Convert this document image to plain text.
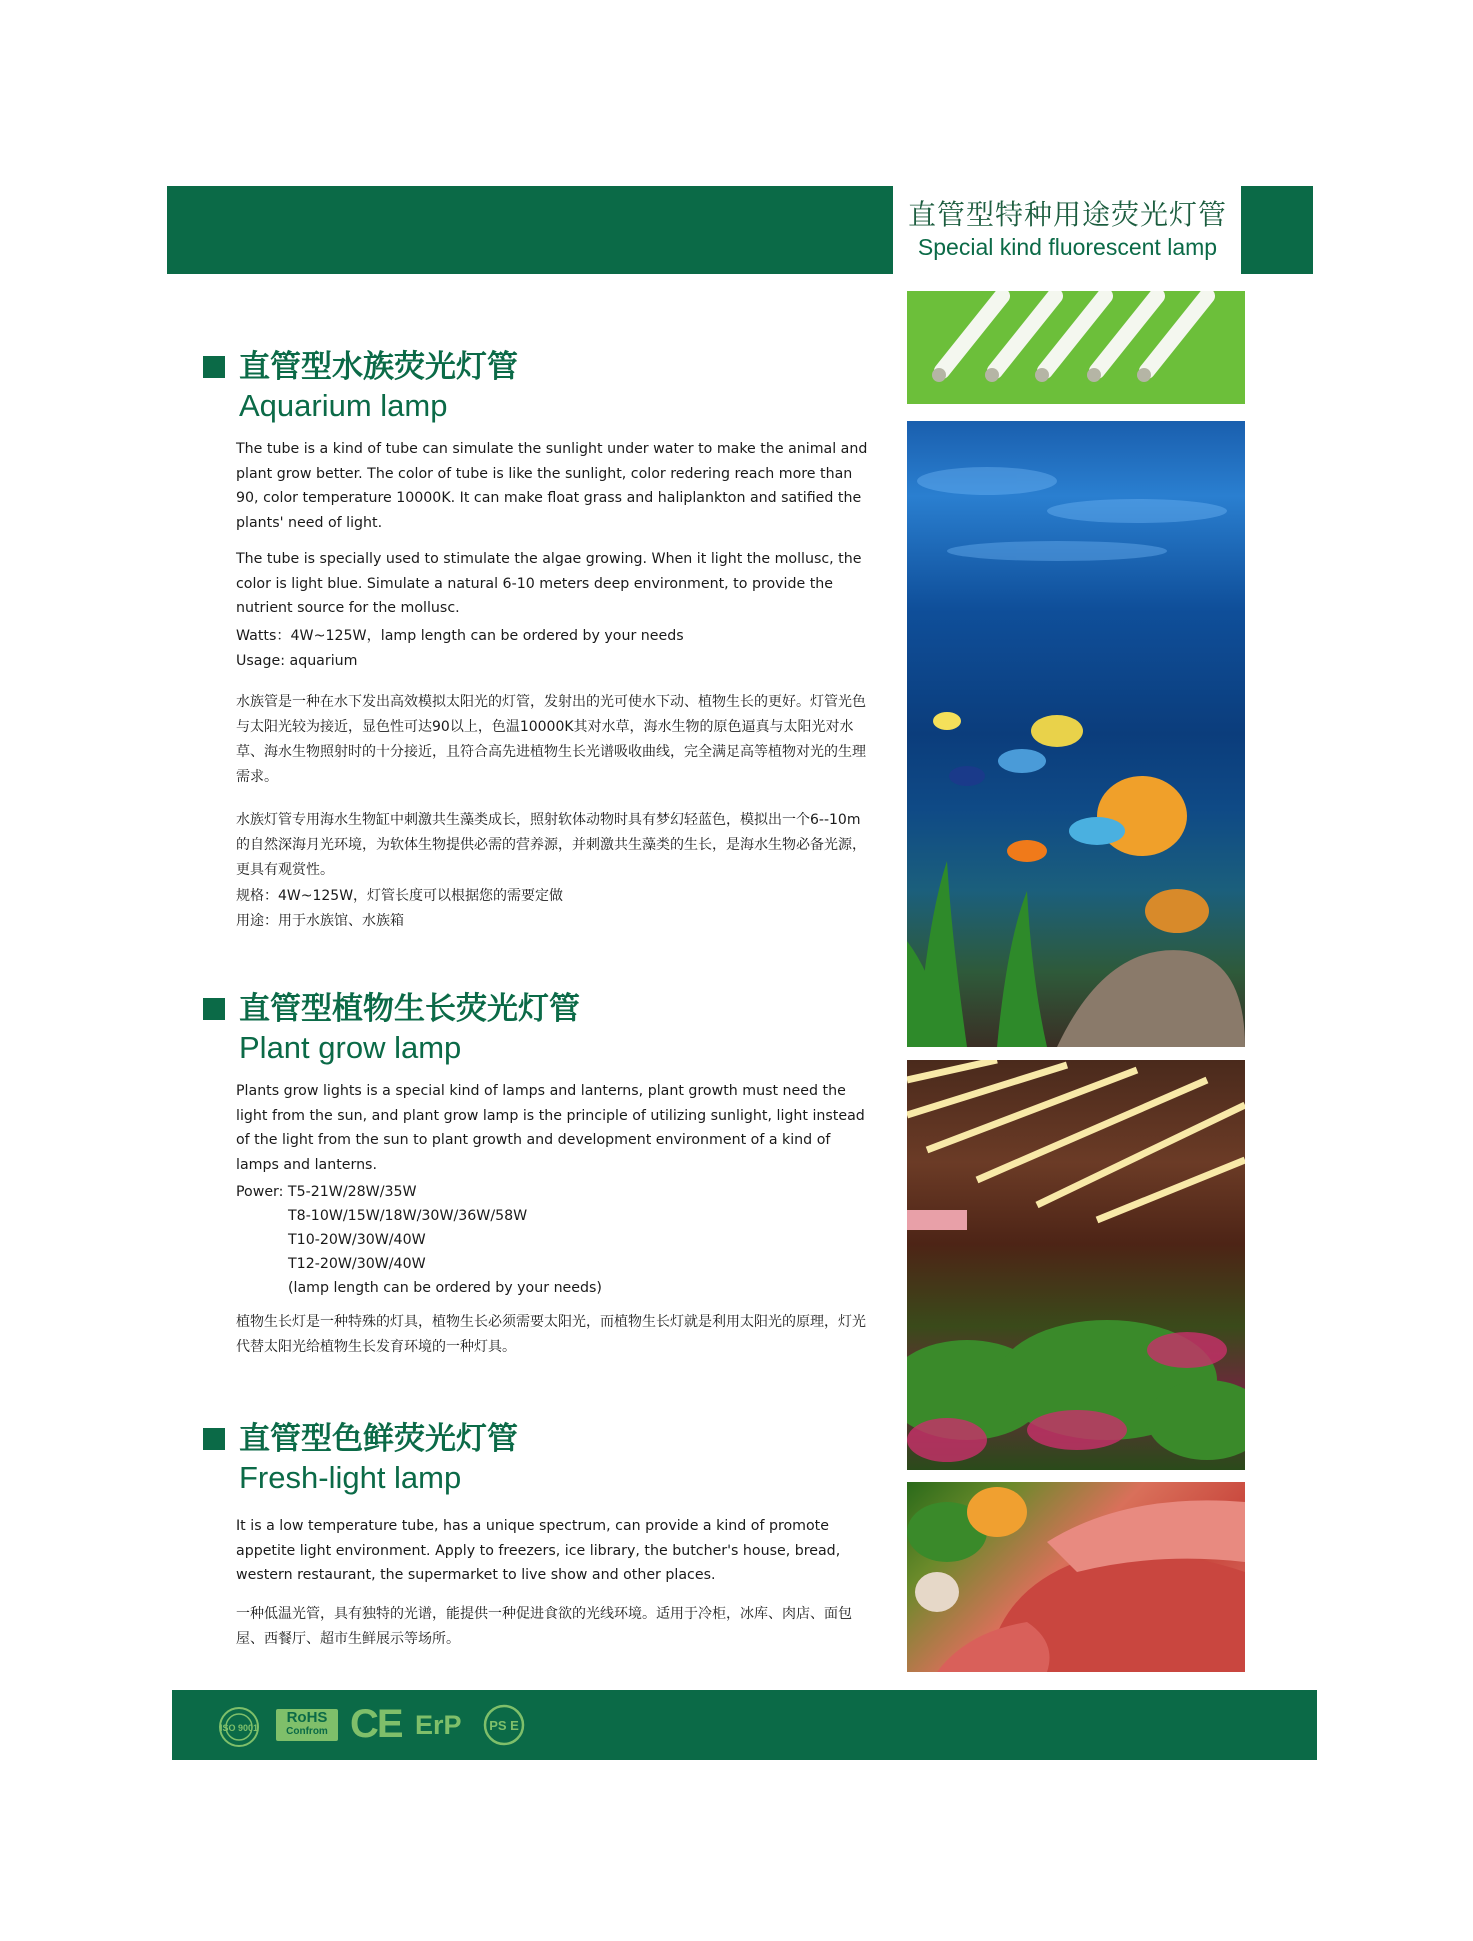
直管型特种用途荧光灯管
Special kind fluorescent lamp
直管型水族荧光灯管
Aquarium lamp
The tube is a kind of tube can simulate the sunlight under water to make the animal and plant grow better. The color of tube is like the sunlight, color redering reach more than 90, color temperature 10000K. It can make float grass and haliplankton and satified the plants' need of light.
The tube is specially used to stimulate the algae growing. When it light the mollusc, the color is light blue. Simulate a natural 6-10 meters deep environment, to provide the nutrient source for the mollusc.
Watts：4W~125W，lamp length can be ordered by your needs
Usage: aquarium
水族管是一种在水下发出高效模拟太阳光的灯管，发射出的光可使水下动、植物生长的更好。灯管光色与太阳光较为接近，显色性可达90以上，色温10000K其对水草，海水生物的原色逼真与太阳光对水草、海水生物照射时的十分接近，且符合高先进植物生长光谱吸收曲线，完全满足高等植物对光的生理需求。
水族灯管专用海水生物缸中刺激共生藻类成长，照射软体动物时具有梦幻轻蓝色，模拟出一个6--10m的自然深海月光环境，为软体生物提供必需的营养源，并刺激共生藻类的生长，是海水生物必备光源，更具有观赏性。
规格：4W~125W，灯管长度可以根据您的需要定做
用途：用于水族馆、水族箱
直管型植物生长荧光灯管
Plant grow lamp
Plants grow lights is a special kind of lamps and lanterns, plant growth must need the light from the sun, and plant grow lamp is the principle of utilizing sunlight, light instead of the light from the sun to plant growth and development environment of a kind of lamps and lanterns.
Power: T5-21W/28W/35W
T8-10W/15W/18W/30W/36W/58W
T10-20W/30W/40W
T12-20W/30W/40W
(lamp length can be ordered by your needs)
植物生长灯是一种特殊的灯具，植物生长必须需要太阳光，而植物生长灯就是利用太阳光的原理，灯光代替太阳光给植物生长发育环境的一种灯具。
直管型色鲜荧光灯管
Fresh-light lamp
It is a low temperature tube, has a unique spectrum, can provide a kind of promote appetite light environment. Apply to freezers, ice library, the butcher's house, bread, western restaurant, the supermarket to live show and other places.
一种低温光管，具有独特的光谱，能提供一种促进食欲的光线环境。适用于冷柜，冰库、肉店、面包屋、西餐厅、超市生鲜展示等场所。
ISO 9001
RoHS
Confrom CE ErP PS E
